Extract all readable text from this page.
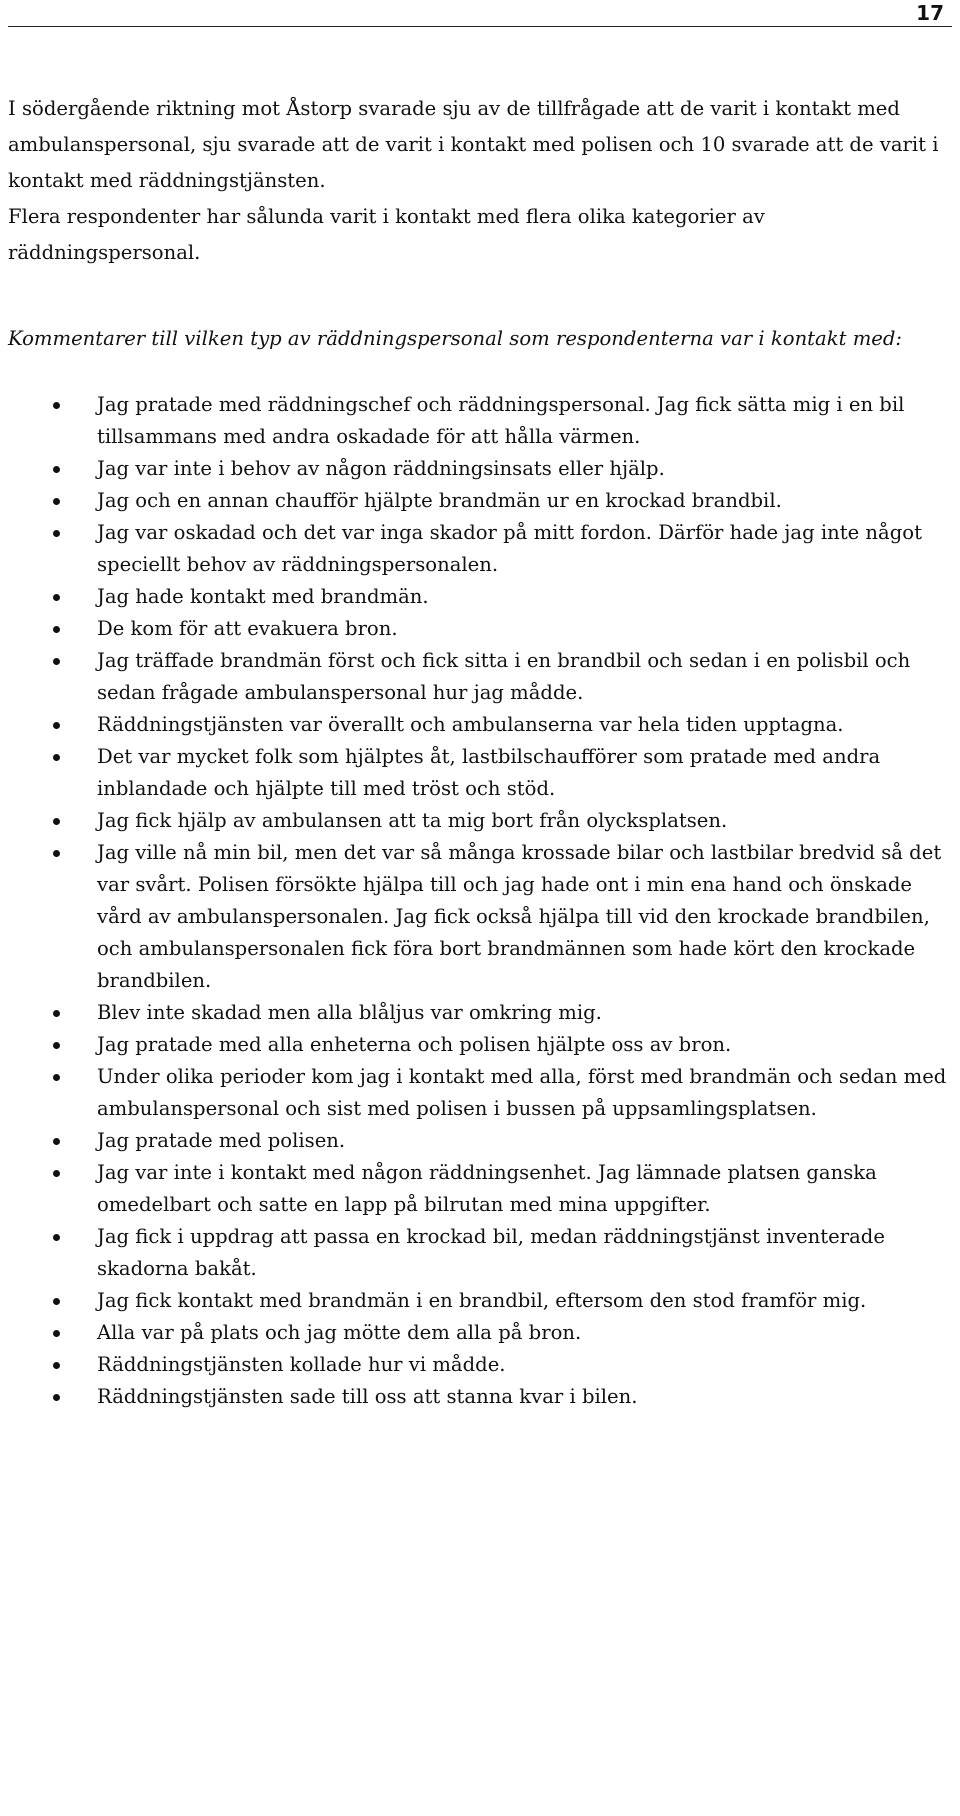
17

I södergående riktning mot Åstorp svarade sju av de tillfrågade att de varit i kontakt med ambulanspersonal, sju svarade att de varit i kontakt med polisen och 10 svarade att de varit i kontakt med räddningstjänsten.

Flera respondenter har sålunda varit i kontakt med flera olika kategorier av räddningspersonal.

Kommentarer till vilken typ av räddningspersonal som respondenterna var i kontakt med:
Jag pratade med räddningschef och räddningspersonal. Jag fick sätta mig i en bil tillsammans med andra oskadade för att hålla värmen.
Jag var inte i behov av någon räddningsinsats eller hjälp.
Jag och en annan chaufför hjälpte brandmän ur en krockad brandbil.
Jag var oskadad och det var inga skador på mitt fordon. Därför hade jag inte något speciellt behov av räddningspersonalen.
Jag hade kontakt med brandmän.
De kom för att evakuera bron.
Jag träffade brandmän först och fick sitta i en brandbil och sedan i en polisbil och sedan frågade ambulanspersonal hur jag mådde.
Räddningstjänsten var överallt och ambulanserna var hela tiden upptagna.
Det var mycket folk som hjälptes åt, lastbilschaufförer som pratade med andra inblandade och hjälpte till med tröst och stöd.
Jag fick hjälp av ambulansen att ta mig bort från olycksplatsen.
Jag ville nå min bil, men det var så många krossade bilar och lastbilar bredvid så det var svårt. Polisen försökte hjälpa till och jag hade ont i min ena hand och önskade vård av ambulanspersonalen. Jag fick också hjälpa till vid den krockade brandbilen, och ambulanspersonalen fick föra bort brandmännen som hade kört den krockade brandbilen.
Blev inte skadad men alla blåljus var omkring mig.
Jag pratade med alla enheterna och polisen hjälpte oss av bron.
Under olika perioder kom jag i kontakt med alla, först med brandmän och sedan med ambulanspersonal och sist med polisen i bussen på uppsamlingsplatsen.
Jag pratade med polisen.
Jag var inte i kontakt med någon räddningsenhet. Jag lämnade platsen ganska omedelbart och satte en lapp på bilrutan med mina uppgifter.
Jag fick i uppdrag att passa en krockad bil, medan räddningstjänst inventerade skadorna bakåt.
Jag fick kontakt med brandmän i en brandbil, eftersom den stod framför mig.
Alla var på plats och jag mötte dem alla på bron.
Räddningstjänsten kollade hur vi mådde.
Räddningstjänsten sade till oss att stanna kvar i bilen.
